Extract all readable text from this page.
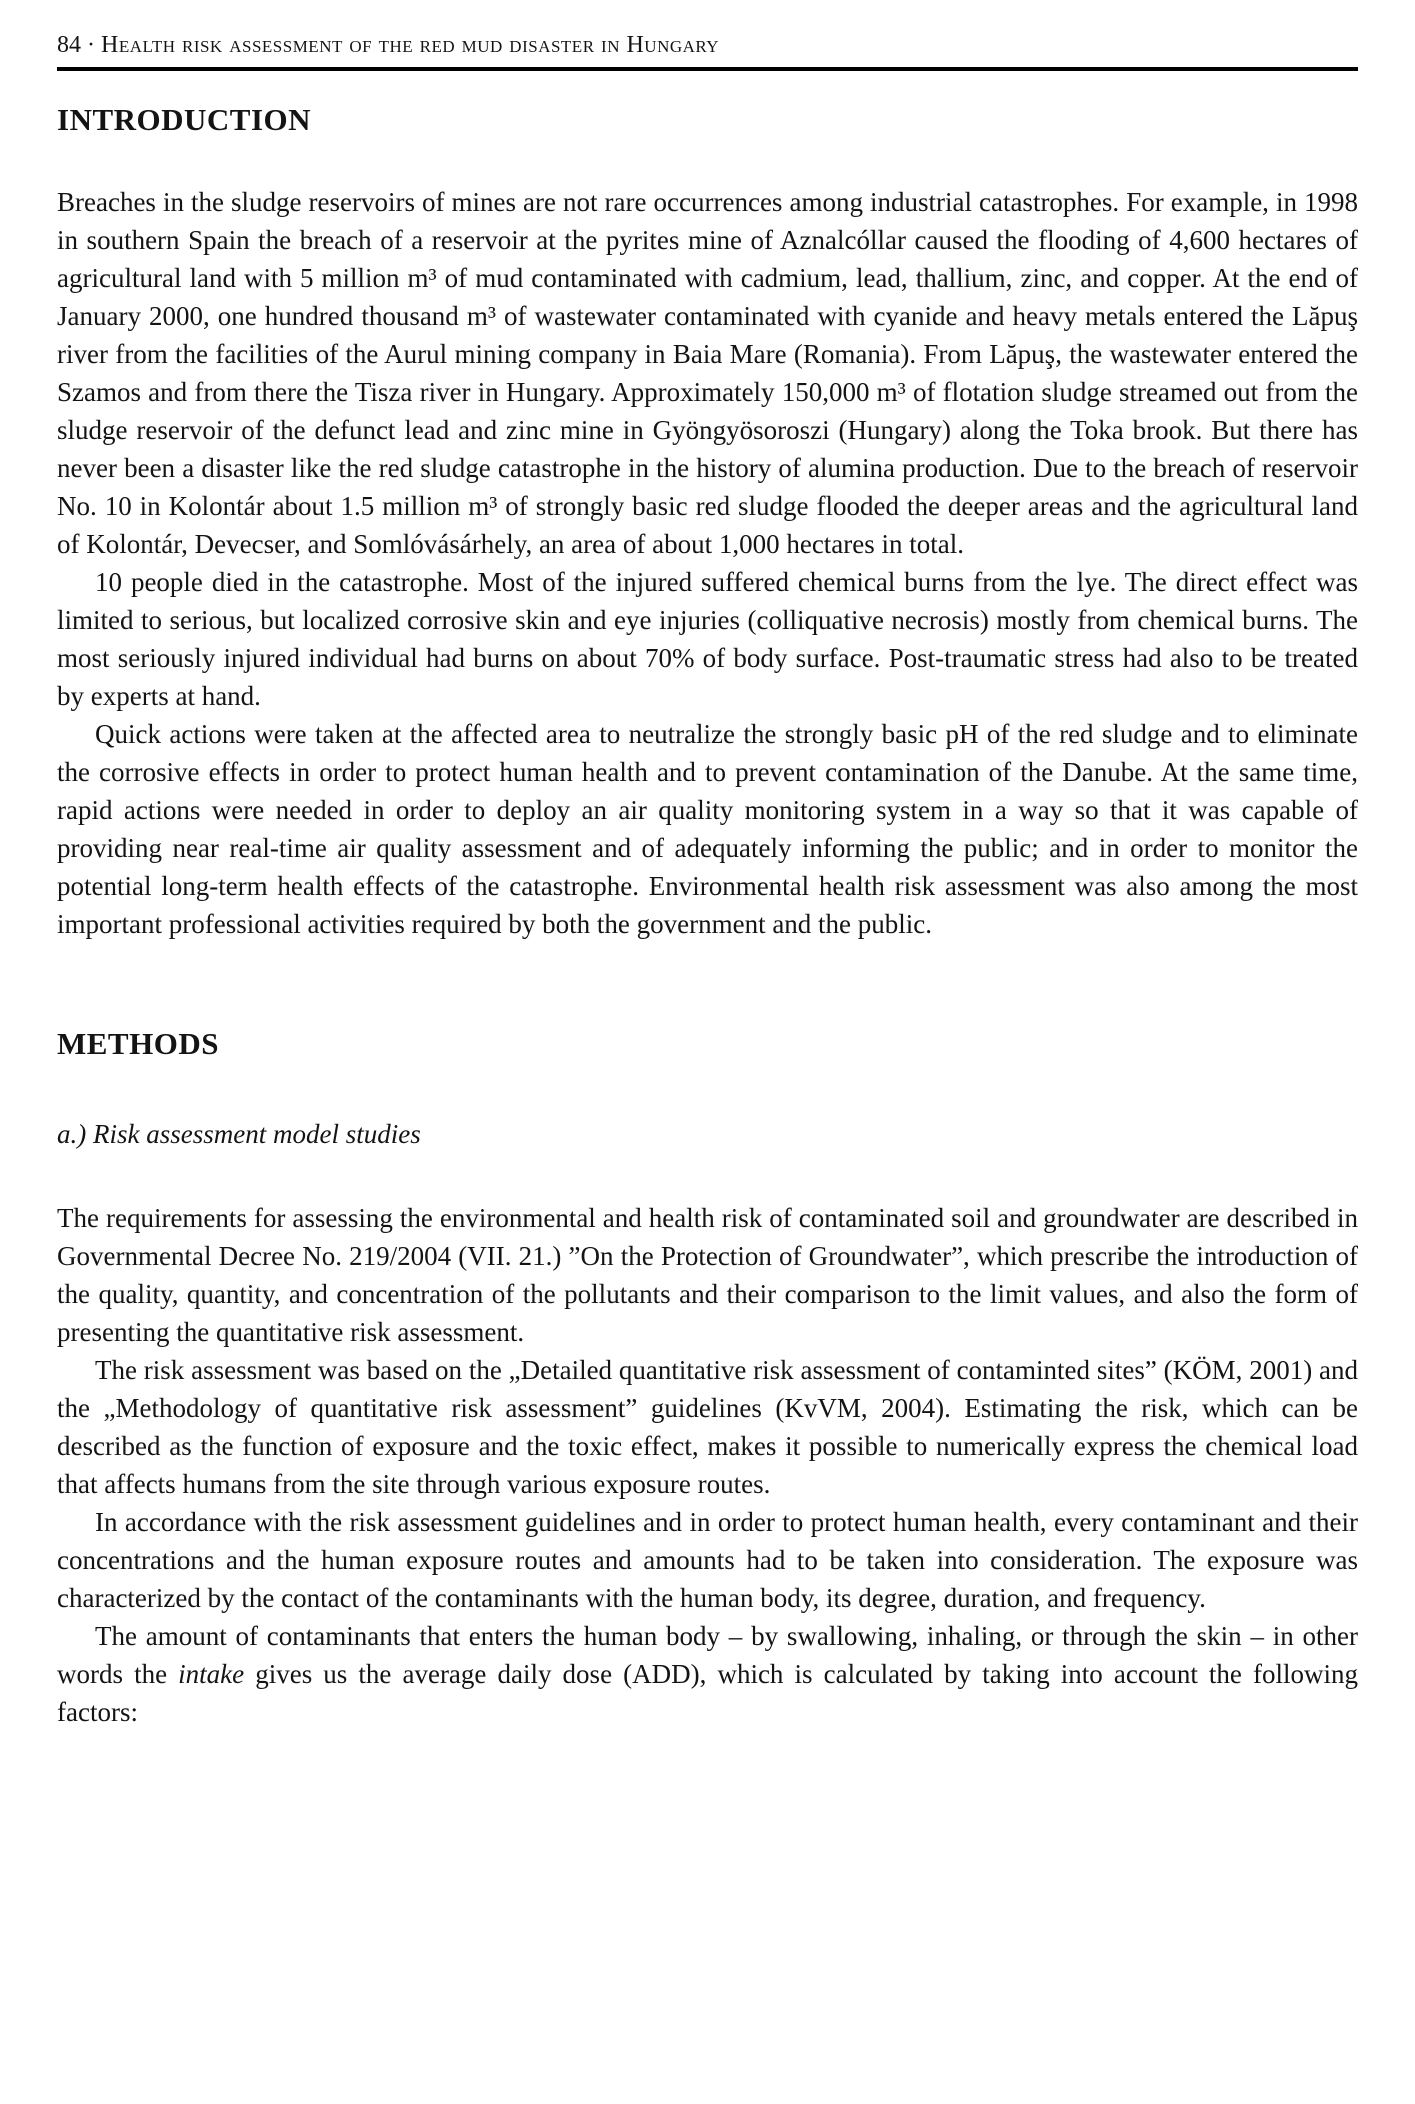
84 · Health risk assessment of the red mud disaster in Hungary
INTRODUCTION

Breaches in the sludge reservoirs of mines are not rare occurrences among industrial catastrophes. For example, in 1998 in southern Spain the breach of a reservoir at the pyrites mine of Aznalcóllar caused the flooding of 4,600 hectares of agricultural land with 5 million m³ of mud contaminated with cadmium, lead, thallium, zinc, and copper. At the end of January 2000, one hundred thousand m³ of wastewater contaminated with cyanide and heavy metals entered the Lăpuş river from the facilities of the Aurul mining company in Baia Mare (Romania). From Lăpuş, the wastewater entered the Szamos and from there the Tisza river in Hungary. Approximately 150,000 m³ of flotation sludge streamed out from the sludge reservoir of the defunct lead and zinc mine in Gyöngyösoroszi (Hungary) along the Toka brook. But there has never been a disaster like the red sludge catastrophe in the history of alumina production. Due to the breach of reservoir No. 10 in Kolontár about 1.5 million m³ of strongly basic red sludge flooded the deeper areas and the agricultural land of Kolontár, Devecser, and Somlóvásárhely, an area of about 1,000 hectares in total.

10 people died in the catastrophe. Most of the injured suffered chemical burns from the lye. The direct effect was limited to serious, but localized corrosive skin and eye injuries (colliquative necrosis) mostly from chemical burns. The most seriously injured individual had burns on about 70% of body surface. Post-traumatic stress had also to be treated by experts at hand.

Quick actions were taken at the affected area to neutralize the strongly basic pH of the red sludge and to eliminate the corrosive effects in order to protect human health and to prevent contamination of the Danube. At the same time, rapid actions were needed in order to deploy an air quality monitoring system in a way so that it was capable of providing near real-time air quality assessment and of adequately informing the public; and in order to monitor the potential long-term health effects of the catastrophe. Environmental health risk assessment was also among the most important professional activities required by both the government and the public.

METHODS
a.) Risk assessment model studies

The requirements for assessing the environmental and health risk of contaminated soil and groundwater are described in Governmental Decree No. 219/2004 (VII. 21.) ”On the Protection of Groundwater”, which prescribe the introduction of the quality, quantity, and concentration of the pollutants and their comparison to the limit values, and also the form of presenting the quantitative risk assessment.

The risk assessment was based on the „Detailed quantitative risk assessment of contaminted sites” (KÖM, 2001) and the „Methodology of quantitative risk assessment” guidelines (KvVM, 2004). Estimating the risk, which can be described as the function of exposure and the toxic effect, makes it possible to numerically express the chemical load that affects humans from the site through various exposure routes.

In accordance with the risk assessment guidelines and in order to protect human health, every contaminant and their concentrations and the human exposure routes and amounts had to be taken into consideration. The exposure was characterized by the contact of the contaminants with the human body, its degree, duration, and frequency.

The amount of contaminants that enters the human body – by swallowing, inhaling, or through the skin – in other words the intake gives us the average daily dose (ADD), which is calculated by taking into account the following factors:
